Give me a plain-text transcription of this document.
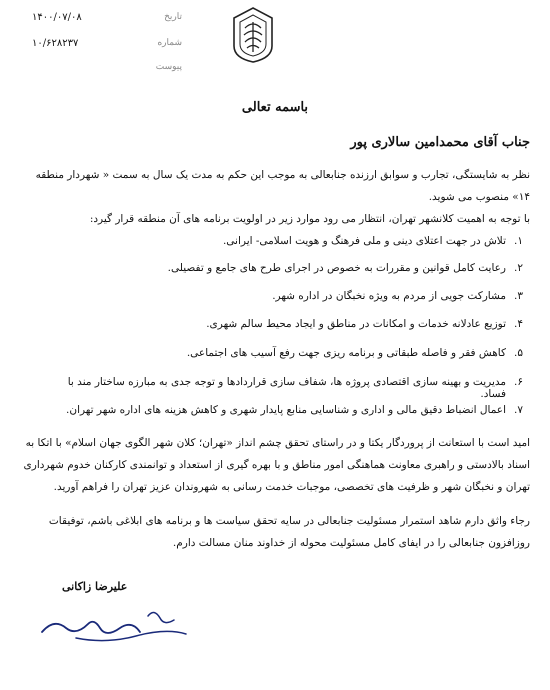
تاریخ
۱۴۰۰/۰۷/۰۸
شماره
۱۰/۶۲۸۲۳۷
پیوست
باسمه تعالی
جناب آقای محمدامین سالاری پور
نظر به شایستگی، تجارب و سوابق ارزنده جنابعالی به موجب این حکم به مدت یک سال به سمت « شهردار منطقه ۱۴» منصوب می شوید.
با توجه به اهمیت کلانشهر تهران، انتظار می رود موارد زیر در اولویت برنامه های آن منطقه قرار گیرد:
۱.
تلاش در جهت اعتلای دینی و ملی فرهنگ و هویت اسلامی- ایرانی.
۲.
رعایت کامل قوانین و مقررات به خصوص در اجرای طرح های جامع و تفصیلی.
۳.
مشارکت جویی از مردم به ویژه نخبگان در اداره شهر.
۴.
توزیع عادلانه خدمات و امکانات در مناطق و ایجاد محیط سالم شهری.
۵.
کاهش فقر و فاصله طبقاتی و برنامه ریزی جهت رفع آسیب های اجتماعی.
۶.
مدیریت و بهینه سازی اقتصادی پروژه ها، شفاف سازی قراردادها و توجه جدی به مبارزه ساختار مند با فساد.
۷.
اعمال انضباط دقیق مالی و اداری و شناسایی منابع پایدار شهری و کاهش هزینه های اداره شهر تهران.
امید است با استعانت از پروردگار یکتا و در راستای تحقق چشم انداز «تهران؛ کلان شهر الگوی جهان اسلام» با اتکا به اسناد بالادستی و راهبری معاونت هماهنگی امور مناطق و با بهره گیری از استعداد و توانمندی کارکنان خدوم شهرداری تهران و نخبگان شهر و ظرفیت های تخصصی، موجبات خدمت رسانی به شهروندان عزیز تهران را فراهم آورید.
رجاء واثق دارم شاهد استمرار مسئولیت جنابعالی در سایه تحقق سیاست ها و برنامه های ابلاغی باشم، توفیقات روزافزون جنابعالی را در ایفای کامل مسئولیت محوله از خداوند منان مسالت دارم.
علیرضا زاکانی
